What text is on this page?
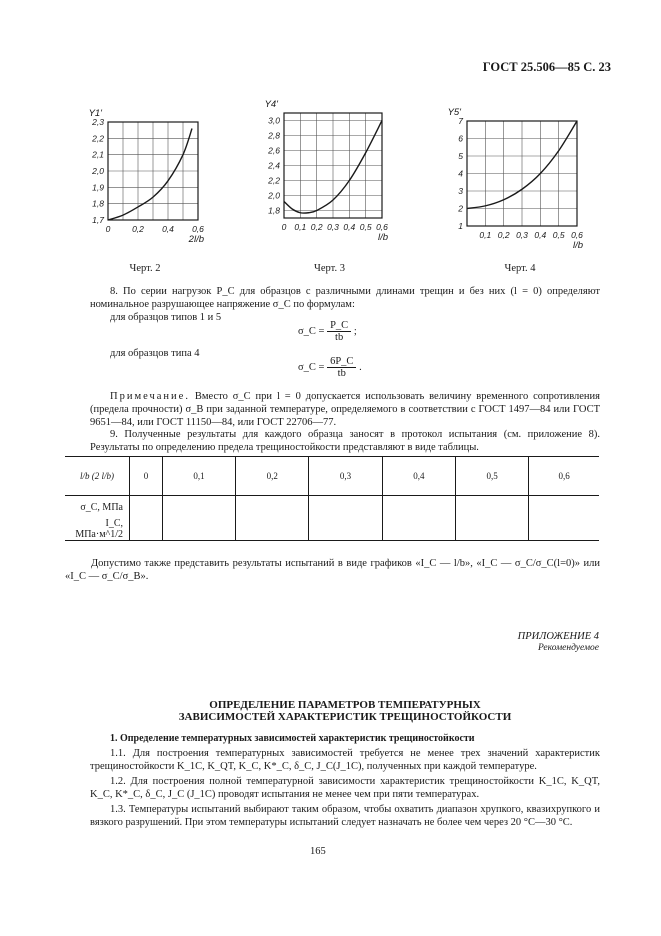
ГОСТ 25.506—85 С. 23
1,7
1,8
1,9
2,0
2,1
2,2
2,3
0	0,2 0,4 0,6
Y1'
2l/b
Черт. 2
1,8
2,0
2,2
2,4
2,6
2,8
3,0
0 0,1 0,2 0,3 0,4 0,5 0,6
Y4'
l/b
Черт. 3
1
2
3
4
5
6
7
0,1 0,2 0,3 0,4 0,5 0,6
Y5'
l/b
Черт. 4
8. По серии нагрузок P_C для образцов с различными длинами трещин и без них (l = 0) определяют номинальное разрушающее напряжение σ_C по формулам:
для образцов типов 1 и 5
σ_C = $\frac{P\_C}{tb}$ ;
для образцов типа 4
σ_C = $\frac{6P\_C}{tb}$ .
Примечание. Вместо σ_C при l = 0 допускается использовать величину временного сопротивления (предела прочности) σ_B при заданной температуре, определяемого в соответствии с ГОСТ 1497—84 или ГОСТ 9651—84, или ГОСТ 11150—84, или ГОСТ 22706—77.
9. Полученные результаты для каждого образца заносят в протокол испытания (см. приложение 8). Результаты по определению предела трещиностойкости представляют в виде таблицы.
l/b (2 l/b)	0	0,1	0,2	0,3	0,4	0,5	0,6
σ_C, МПа							
I_C, МПа·м^1/2							
Допустимо также представить результаты испытаний в виде графиков «I_C — l/b», «I_C — σ_C/σ_C(l=0)» или «I_C — σ_C/σ_B».
ПРИЛОЖЕНИЕ 4
Рекомендуемое
ОПРЕДЕЛЕНИЕ ПАРАМЕТРОВ ТЕМПЕРАТУРНЫХ
ЗАВИСИМОСТЕЙ ХАРАКТЕРИСТИК ТРЕЩИНОСТОЙКОСТИ
1. Определение температурных зависимостей характеристик трещиностойкости
1.1. Для построения температурных зависимостей требуется не менее трех значений характеристик трещиностойкости K_1C, K_QT, K_C, K*_C, δ_C, J_C(J_1C), полученных при каждой температуре.
1.2. Для построения полной температурной зависимости характеристик трещиностойкости K_1C, K_QT, K_C, K*_C, δ_C, J_C (J_1C) проводят испытания не менее чем при пяти температурах.
1.3. Температуры испытаний выбирают таким образом, чтобы охватить диапазон хрупкого, квазихрупкого и вязкого разрушений. При этом температуры испытаний следует назначать не более чем через 20 °C—30 °C.
165
